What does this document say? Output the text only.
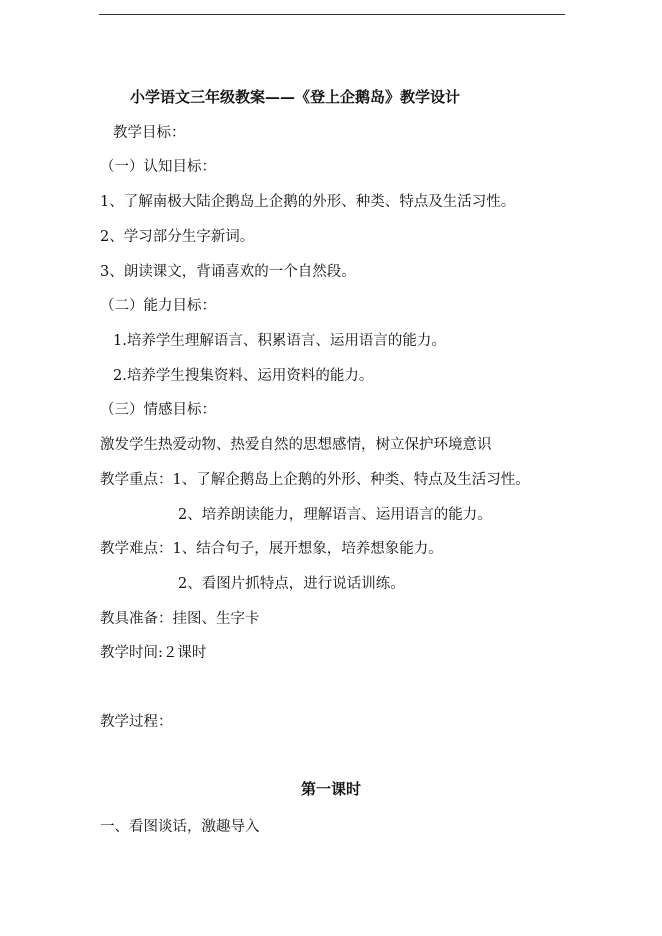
小学语文三年级教案——《登上企鹅岛》教学设计
教学目标：
（一）认知目标：
1、了解南极大陆企鹅岛上企鹅的外形、种类、特点及生活习性。
2、学习部分生字新词。
3、朗读课文，背诵喜欢的一个自然段。
（二）能力目标：
1.培养学生理解语言、积累语言、运用语言的能力。
2.培养学生搜集资料、运用资料的能力。
（三）情感目标：
激发学生热爱动物、热爱自然的思想感情，树立保护环境意识
教学重点：1、了解企鹅岛上企鹅的外形、种类、特点及生活习性。
2、培养朗读能力，理解语言、运用语言的能力。
教学难点：1、结合句子，展开想象，培养想象能力。
2、看图片抓特点，进行说话训练。
教具准备：挂图、生字卡
教学时间:２课时
教学过程：
第一课时
一、看图谈话，激趣导入
